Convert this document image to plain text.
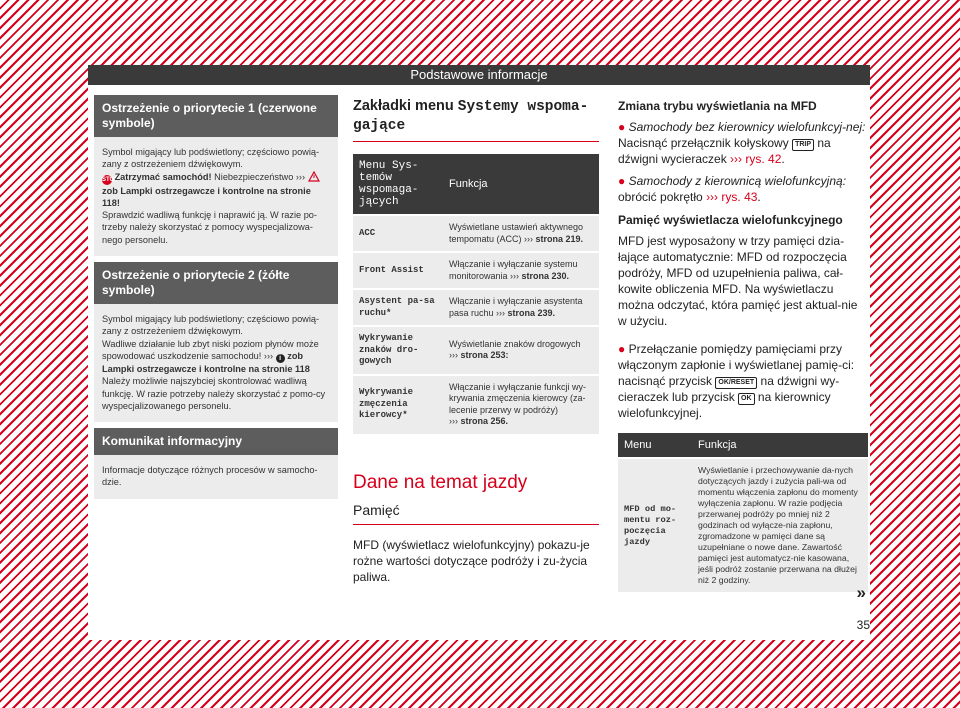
Podstawowe informacje
Ostrzeżenie o priorytecie 1 (czerwone symbole)

Symbol migający lub podświetlony; częściowo powią-zany z ostrzeżeniem dźwiękowym.
STOP Zatrzymać samochód! Niebezpieczeństwo ›››
zob Lampki ostrzegawcze i kontrolne na stronie 118!
Sprawdzić wadliwą funkcję i naprawić ją. W razie po-trzeby należy skorzystać z pomocy wyspecjalizowa-nego personelu.

Ostrzeżenie o priorytecie 2 (żółte symbole)

Symbol migający lub podświetlony; częściowo powią-zany z ostrzeżeniem dźwiękowym.
Wadliwe działanie lub zbyt niski poziom płynów może spowodować uszkodzenie samochodu! ››› i zob Lampki ostrzegawcze i kontrolne na stronie 118
Należy możliwie najszybciej skontrolować wadliwą funkcję. W razie potrzeby należy skorzystać z pomo-cy wyspecjalizowanego personelu.

Komunikat informacyjny

Informacje dotyczące różnych procesów w samocho-dzie.

Zakładki menu Systemy wspoma-gające
Menu Sys-temów wspomaga-jących	Funkcja
ACC	Wyświetlane ustawień aktywnego tempomatu (ACC) ››› strona 219.
Front Assist	Włączanie i wyłączanie systemu monitorowania ››› strona 230.
Asystent pa-sa ruchu*	Włączanie i wyłączanie asystenta pasa ruchu ››› strona 239.
Wykrywanie znaków dro-gowych	Wyświetlanie znaków drogowych
››› strona 253:
Wykrywanie zmęczenia kierowcy*	Włączanie i wyłączanie funkcji wy-krywania zmęczenia kierowcy (za-lecenie przerwy w podróży)
››› strona 256.
Dane na temat jazdy
Pamięć
MFD (wyświetlacz wielofunkcyjny) pokazu-je rożne wartości dotyczące podróży i zu-życia paliwa.
Zmiana trybu wyświetlania na MFD

● Samochody bez kierownicy wielofunkcyj-nej: Nacisnąć przełącznik kołyskowy TRIP na dźwigni wycieraczek ››› rys. 42.

● Samochody z kierownicą wielofunkcyjną: obrócić pokrętło ››› rys. 43.

Pamięć wyświetlacza wielofunkcyjnego

MFD jest wyposażony w trzy pamięci dzia-łające automatycznie: MFD od rozpoczęcia podróży, MFD od uzupełnienia paliwa, cał-kowite obliczenia MFD. Na wyświetlaczu można odczytać, która pamięć jest aktual-nie w użyciu.

● Przełączanie pomiędzy pamięciami przy włączonym zapłonie i wyświetlanej pamię-ci: nacisnąć przycisk OK/RESET na dźwigni wy-cieraczek lub przycisk OK na kierownicy wielofunkcyjnej.

Menu	Funkcja
MFD od mo-mentu roz-poczęcia jazdy	Wyświetlanie i przechowywanie da-nych dotyczących jazdy i zużycia pali-wa od momentu włączenia zapłonu do momenty wyłączenia zapłonu. W razie podjęcia przerwanej podróży po mniej niż 2 godzinach od wyłącze-nia zapłonu, zgromadzone w pamięci dane są uzupełniane o nowe dane. Zawartość pamięci jest automatycz-nie kasowana, jeśli podróż zostanie przerwana na dłużej niż 2 godziny.
»
35
